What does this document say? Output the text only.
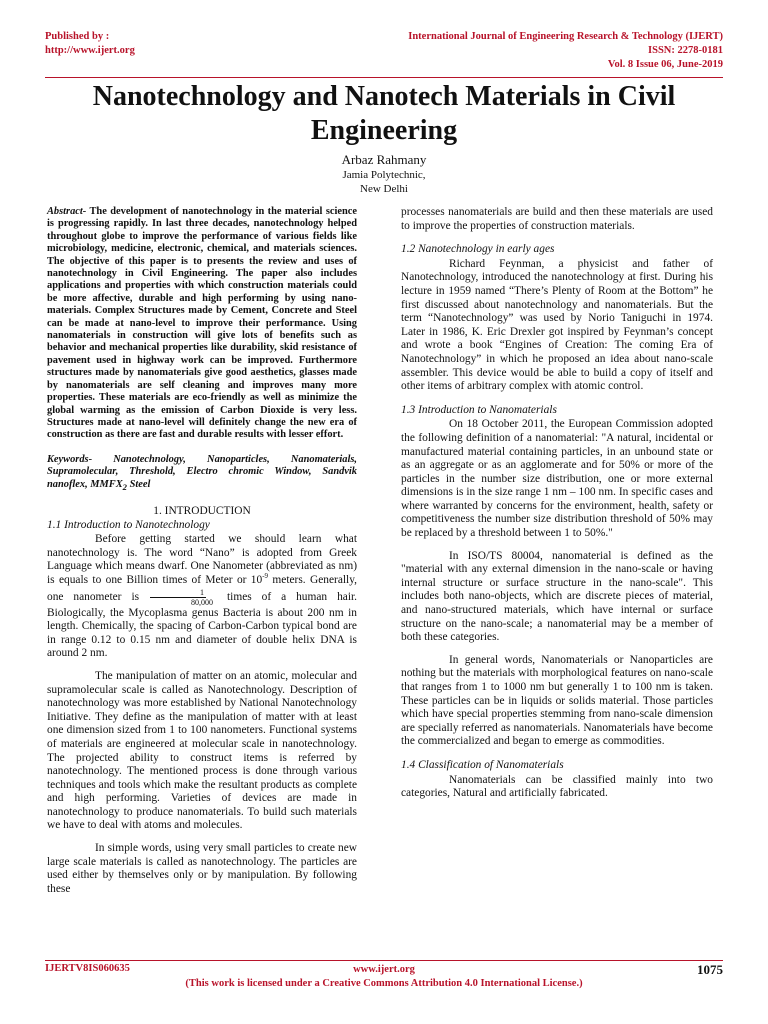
Published by :
http://www.ijert.org
International Journal of Engineering Research & Technology (IJERT)
ISSN: 2278-0181
Vol. 8 Issue 06, June-2019
Nanotechnology and Nanotech Materials in Civil Engineering
Arbaz Rahmany
Jamia Polytechnic,
New Delhi

Abstract- The development of nanotechnology in the material science is progressing rapidly. In last three decades, nanotechnology helped throughout globe to improve the performance of various fields like microbiology, medicine, electronic, chemical, and materials sciences. The objective of this paper is to presents the review and uses of nanotechnology in Civil Engineering. The paper also includes applications and properties with which construction materials could be more affective, durable and high performing by using nano-materials. Complex Structures made by Cement, Concrete and Steel can be made at nano-level to improve their performance. Using nanomaterials in construction will give lots of benefits such as behavior and mechanical properties like durability, skid resistance of pavement used in highway work can be improved. Furthermore structures made by nanomaterials give good aesthetics, glasses made by nanomaterials are self cleaning and improves many more properties. These materials are eco-friendly as well as minimize the global warming as the emission of Carbon Dioxide is very less. Structures made at nano-level will definitely change the new era of construction as there are fast and durable results with lesser effort.

Keywords- Nanotechnology, Nanoparticles, Nanomaterials, Supramolecular, Threshold, Electro chromic Window, Sandvik nanoflex, $MMFX_2$ Steel

1. INTRODUCTION

1.1 Introduction to Nanotechnology

Before getting started we should learn what nanotechnology is. The word “Nano” is adopted from Greek Language which means dwarf. One Nanometer (abbreviated as nm) is equals to one Billion times of Meter or $10^{-9}$ meters. Generally, one nanometer is $\frac{1}{80,000}$ times of a human hair. Biologically, the Mycoplasma genus Bacteria is about 200 nm in length. Chemically, the spacing of Carbon-Carbon typical bond are in range 0.12 to 0.15 nm and diameter of double helix DNA is around 2 nm.

The manipulation of matter on an atomic, molecular and supramolecular scale is called as Nanotechnology. Description of nanotechnology was more established by National Nanotechnology Initiative. They define as the manipulation of matter with at least one dimension sized from 1 to 100 nanometers. Functional systems of materials are engineered at molecular scale in nanotechnology. The projected ability to construct items is referred by nanotechnology. The mentioned process is done through various techniques and tools which make the resultant products as complete and high performing. Varieties of devices are made in nanotechnology to produce nanomaterials. To build such materials we have to deal with atoms and molecules.

In simple words, using very small particles to create new large scale materials is called as nanotechnology. The particles are used either by themselves only or by manipulation. By following these

processes nanomaterials are build and then these materials are used to improve the properties of construction materials.

1.2 Nanotechnology in early ages

Richard Feynman, a physicist and father of Nanotechnology, introduced the nanotechnology at first. During his lecture in 1959 named “There’s Plenty of Room at the Bottom” he first discussed about nanotechnology and nanomaterials. But the term “Nanotechnology” was used by Norio Taniguchi in 1974. Later in 1986, K. Eric Drexler got inspired by Feynman’s concept and wrote a book “Engines of Creation: The coming Era of Nanotechnology” in which he proposed an idea about nano-scale assembler. This device would be able to build a copy of itself and other items of arbitrary complex with atomic control.

1.3 Introduction to Nanomaterials

On 18 October 2011, the European Commission adopted the following definition of a nanomaterial: "A natural, incidental or manufactured material containing particles, in an unbound state or as an aggregate or as an agglomerate and for 50% or more of the particles in the number size distribution, one or more external dimensions is in the size range 1 nm – 100 nm. In specific cases and where warranted by concerns for the environment, health, safety or competitiveness the number size distribution threshold of 50% may be replaced by a threshold between 1 to 50%."

In ISO/TS 80004, nanomaterial is defined as the "material with any external dimension in the nano-scale or having internal structure or surface structure in the nano-scale". This includes both nano-objects, which are discrete pieces of material, and nano-structured materials, which have internal or surface structure on the nano-scale; a nanomaterial may be a member of both these categories.

In general words, Nanomaterials or Nanoparticles are nothing but the materials with morphological features on nano-scale that ranges from 1 to 1000 nm but generally 1 to 100 nm is taken. These particles can be in liquids or solids material. Those particles which have special properties stemming from nano-scale dimension are specially referred as nanomaterials. Nanomaterials have become the commercialized and began to emerge as commodities.

1.4 Classification of Nanomaterials

Nanomaterials can be classified mainly into two categories, Natural and artificially fabricated.

IJERTV8IS060635	www.ijert.org
(This work is licensed under a Creative Commons Attribution 4.0 International License.)
1075
